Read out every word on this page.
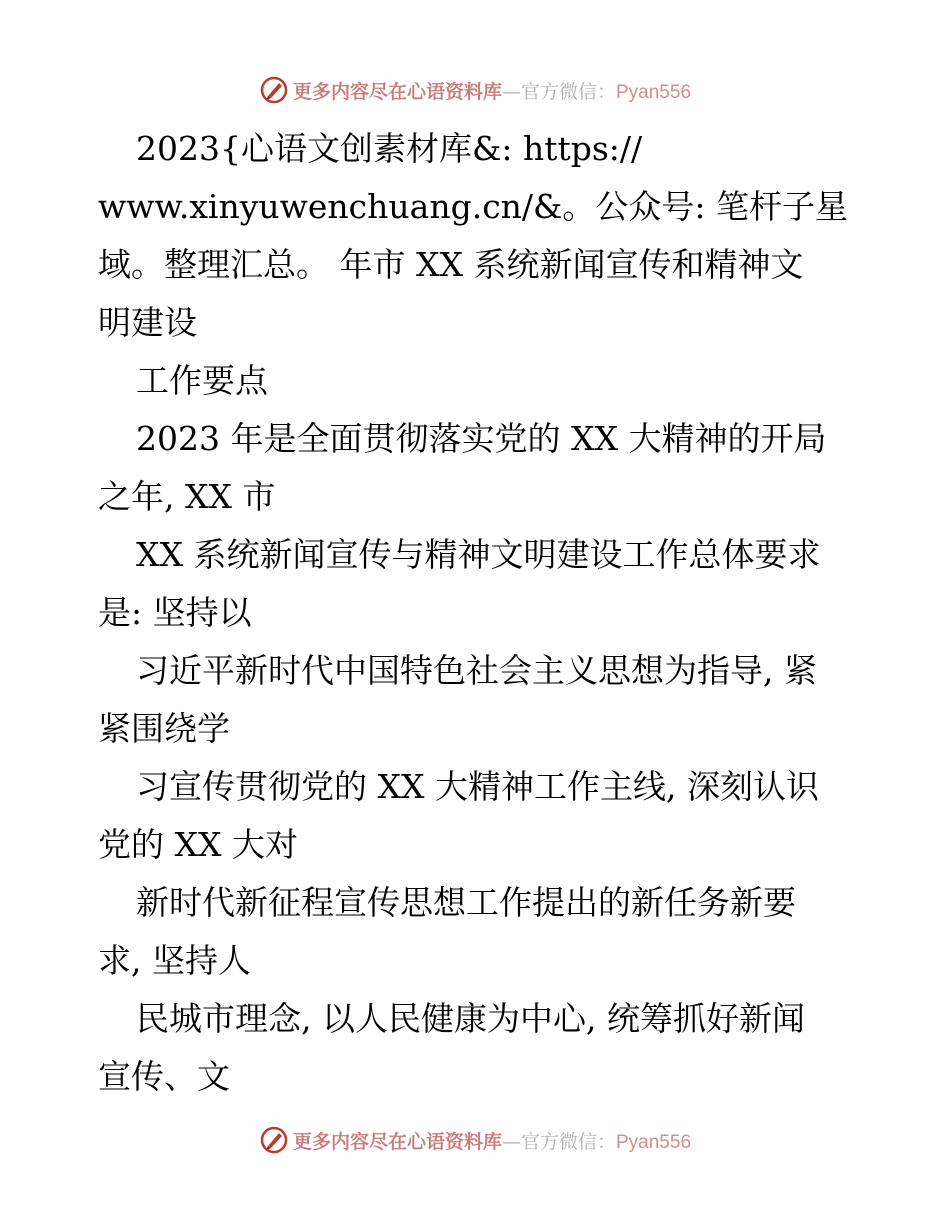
更多内容尽在心语资料库—官方微信：Pyan556
2023{心语文创素材库&: https://
www.xinyuwenchuang.cn/&。公众号: 笔杆子星
域。整理汇总。 年市 XX 系统新闻宣传和精神文
明建设
工作要点
2023 年是全面贯彻落实党的 XX 大精神的开局
之年, XX 市
XX 系统新闻宣传与精神文明建设工作总体要求
是: 坚持以
习近平新时代中国特色社会主义思想为指导, 紧
紧围绕学
习宣传贯彻党的 XX 大精神工作主线, 深刻认识
党的 XX 大对
新时代新征程宣传思想工作提出的新任务新要
求, 坚持人
民城市理念, 以人民健康为中心, 统筹抓好新闻
宣传、文
更多内容尽在心语资料库—官方微信：Pyan556
